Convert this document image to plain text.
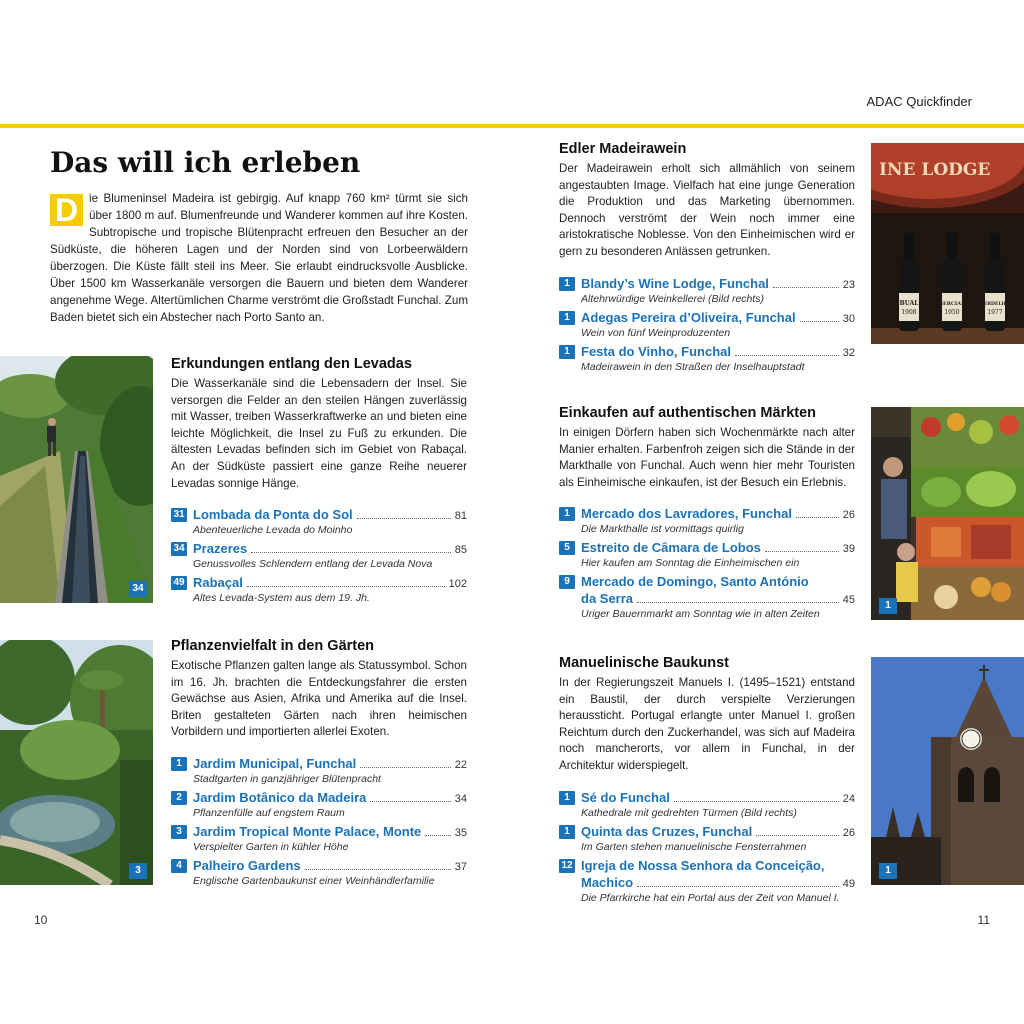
ADAC Quickfinder
Das will ich erleben

D ie Blumeninsel Madeira ist gebirgig. Auf knapp 760 km² türmt sie sich über 1800 m auf. Blumenfreunde und Wanderer kommen auf ihre Kosten. Subtropische und tropische Blütenpracht erfreuen den Besucher an der Südküste, die höheren Lagen und der Norden sind von Lorbeerwäldern überzogen. Die Küste fällt steil ins Meer. Sie erlaubt eindrucksvolle Ausblicke. Über 1500 km Wasserkanäle versorgen die Bauern und bieten dem Wanderer angenehme Wege. Altertümlichen Charme verströmt die Großstadt Funchal. Zum Baden bietet sich ein Abstecher nach Porto Santo an.

34
Erkundungen entlang den Levadas

Die Wasserkanäle sind die Lebensadern der Insel. Sie versorgen die Felder an den steilen Hängen zuverlässig mit Wasser, treiben Wasserkraftwerke an und bieten eine leichte Möglichkeit, die Insel zu Fuß zu erkunden. Die ältesten Levadas befinden sich im Gebiet von Rabaçal. An der Südküste passiert eine ganze Reihe neuerer Levadas sonnige Hänge.

31 Lombada da Ponta do Sol	81
Abenteuerliche Levada do Moinho
34 Prazeres	85
Genussvolles Schlendern entlang der Levada Nova
49 Rabaçal	102
Altes Levada-System aus dem 19. Jh.
3
Pflanzenvielfalt in den Gärten

Exotische Pflanzen galten lange als Statussymbol. Schon im 16. Jh. brachten die Entdeckungsfahrer die ersten Gewächse aus Asien, Afrika und Amerika auf die Insel. Briten gestalteten Gärten nach ihren heimischen Vorbildern und importierten allerlei Exoten.

1 Jardim Municipal, Funchal	22
Stadtgarten in ganzjähriger Blütenpracht
2 Jardim Botânico da Madeira	34
Pflanzenfülle auf engstem Raum
3 Jardim Tropical Monte Palace, Monte	35
Verspielter Garten in kühler Höhe
4 Palheiro Gardens	37
Englische Gartenbaukunst einer Weinhändlerfamilie
10
Edler Madeirawein

Der Madeirawein erholt sich allmählich von seinem angestaubten Image. Vielfach hat eine junge Generation die Produktion und das Marketing übernommen. Dennoch verströmt der Wein noch immer eine aristokratische Noblesse. Von den Einheimischen wird er gern zu besonderen Anlässen getrunken.

1 Blandy’s Wine Lodge, Funchal	23
Altehrwürdige Weinkellerei (Bild rechts)
1 Adegas Pereira d’Oliveira, Funchal	30
Wein von fünf Weinproduzenten
1 Festa do Vinho, Funchal	32
Madeirawein in den Straßen der Inselhauptstadt
INE LODGE
BUAL
1908
SERCIAL
1950
VERDELHO
1977
Einkaufen auf authentischen Märkten

In einigen Dörfern haben sich Wochenmärkte nach alter Manier erhalten. Farbenfroh zeigen sich die Stände in der Markthalle von Funchal. Auch wenn hier mehr Touristen als Einheimische einkaufen, ist der Besuch ein Erlebnis.

1 Mercado dos Lavradores, Funchal	26
Die Markthalle ist vormittags quirlig
5 Estreito de Câmara de Lobos	39
Hier kaufen am Sonntag die Einheimischen ein
9 Mercado de Domingo, Santo António
da Serra	45
Uriger Bauernmarkt am Sonntag wie in alten Zeiten
1
Manuelinische Baukunst

In der Regierungszeit Manuels I. (1495–1521) entstand ein Baustil, der durch verspielte Verzierungen heraussticht. Portugal erlangte unter Manuel I. großen Reichtum durch den Zuckerhandel, was sich auf Madeira noch mancherorts, vor allem in Funchal, in der Architektur widerspiegelt.

1 Sé do Funchal	24
Kathedrale mit gedrehten Türmen (Bild rechts)
1 Quinta das Cruzes, Funchal	26
Im Garten stehen manuelinische Fensterrahmen
12 Igreja de Nossa Senhora da Conceição,
Machico	49
Die Pfarrkirche hat ein Portal aus der Zeit von Manuel I.
1
11
